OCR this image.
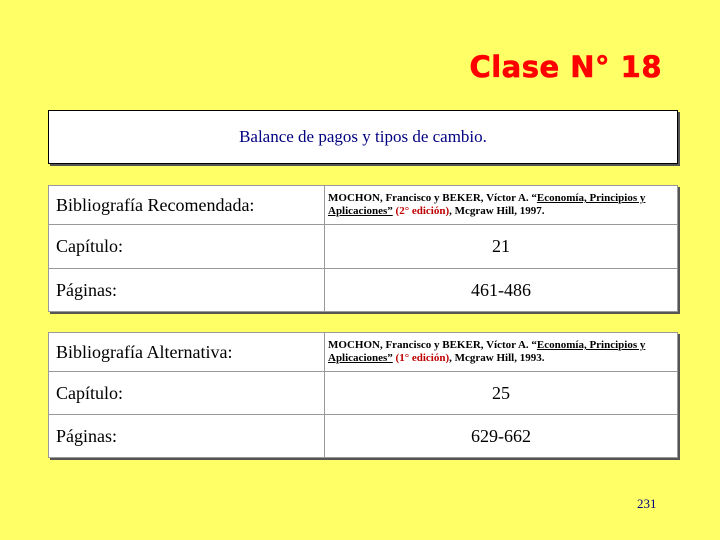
Clase N° 18
Balance de pagos y tipos de cambio.
Bibliografía Recomendada:	MOCHON, Francisco y BEKER, Víctor A. “Economía, Principios y Aplicaciones” (2° edición), Mcgraw Hill, 1997.
Capítulo:	21
Páginas:	461-486
Bibliografía Alternativa:	MOCHON, Francisco y BEKER, Víctor A. “Economía, Principios y Aplicaciones” (1° edición), Mcgraw Hill, 1993.
Capítulo:	25
Páginas:	629-662
231
